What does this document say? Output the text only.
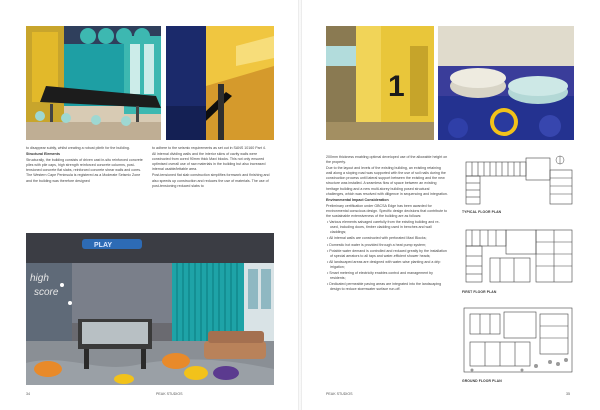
to disappear subtly, whilst creating a robust plinth for the building.

Structural Elements

Structurally, the building consists of driven cast in-situ reinforced concrete piles with pile caps, high strength reinforced concrete columns, post-tensioned concrete flat slabs, reinforced concrete shear walls and cores. The Western Cape Peninsula is registered as a Moderate Seismic Zone and the building was therefore designed

to adhere to the seismic requirements as set out in SANS 10160 Part 4.

All internal dividing walls and the interior skins of cavity walls were constructed from cored 90mm thick Maxi blocks. This not only ensured optimised overall use of raw materials in the building but also increased internal usable/lettable area.

Post-tensioned flat slab construction simplifies formwork and finishing and also speeds up construction and reduces the use of materials. The use of post-tensioning reduced slabs to

high
score
PLAY
34	PEAK STUDIOS
1

200mm thickness enabling optimal developed use of the allowable height on the property.

Due to the layout and levels of the existing building, an existing retaining wall along a sloping road was supported with the use of soil nails during the construction process until lateral support between the existing and the new structure was installed. A seamless flow of space between an existing heritage building and a new multi-storey building posed structural challenges, which was resolved with diligence in sequencing and integration.

Environmental Impact Consideration

Preliminary certification under GBCSA Edge has been awarded for environmental conscious design. Specific design decisions that contribute to the sustainable extensiveness of the building are as follows:

• Various elements salvaged carefully from the existing building and re-used, including doors, timber cladding used in benches and wall claddings;

• All internal walls are constructed with perforated Maxi Blocks;

• Domestic hot water is provided through a heat pump system;

• Potable water demand is controlled and reduced greatly by the installation of special aerators to all taps and water-efficient shower heads;

• All landscaped areas are designed with water-wise planting and a drip irrigation;

• Smart metering of electricity enables control and management by residents;

• Dedicated permeable paving areas are integrated into the landscaping design to reduce stormwater surface run-off.

TYPICAL FLOOR PLAN
FIRST FLOOR PLAN
GROUND FLOOR PLAN
PEAK STUDIOS	35
